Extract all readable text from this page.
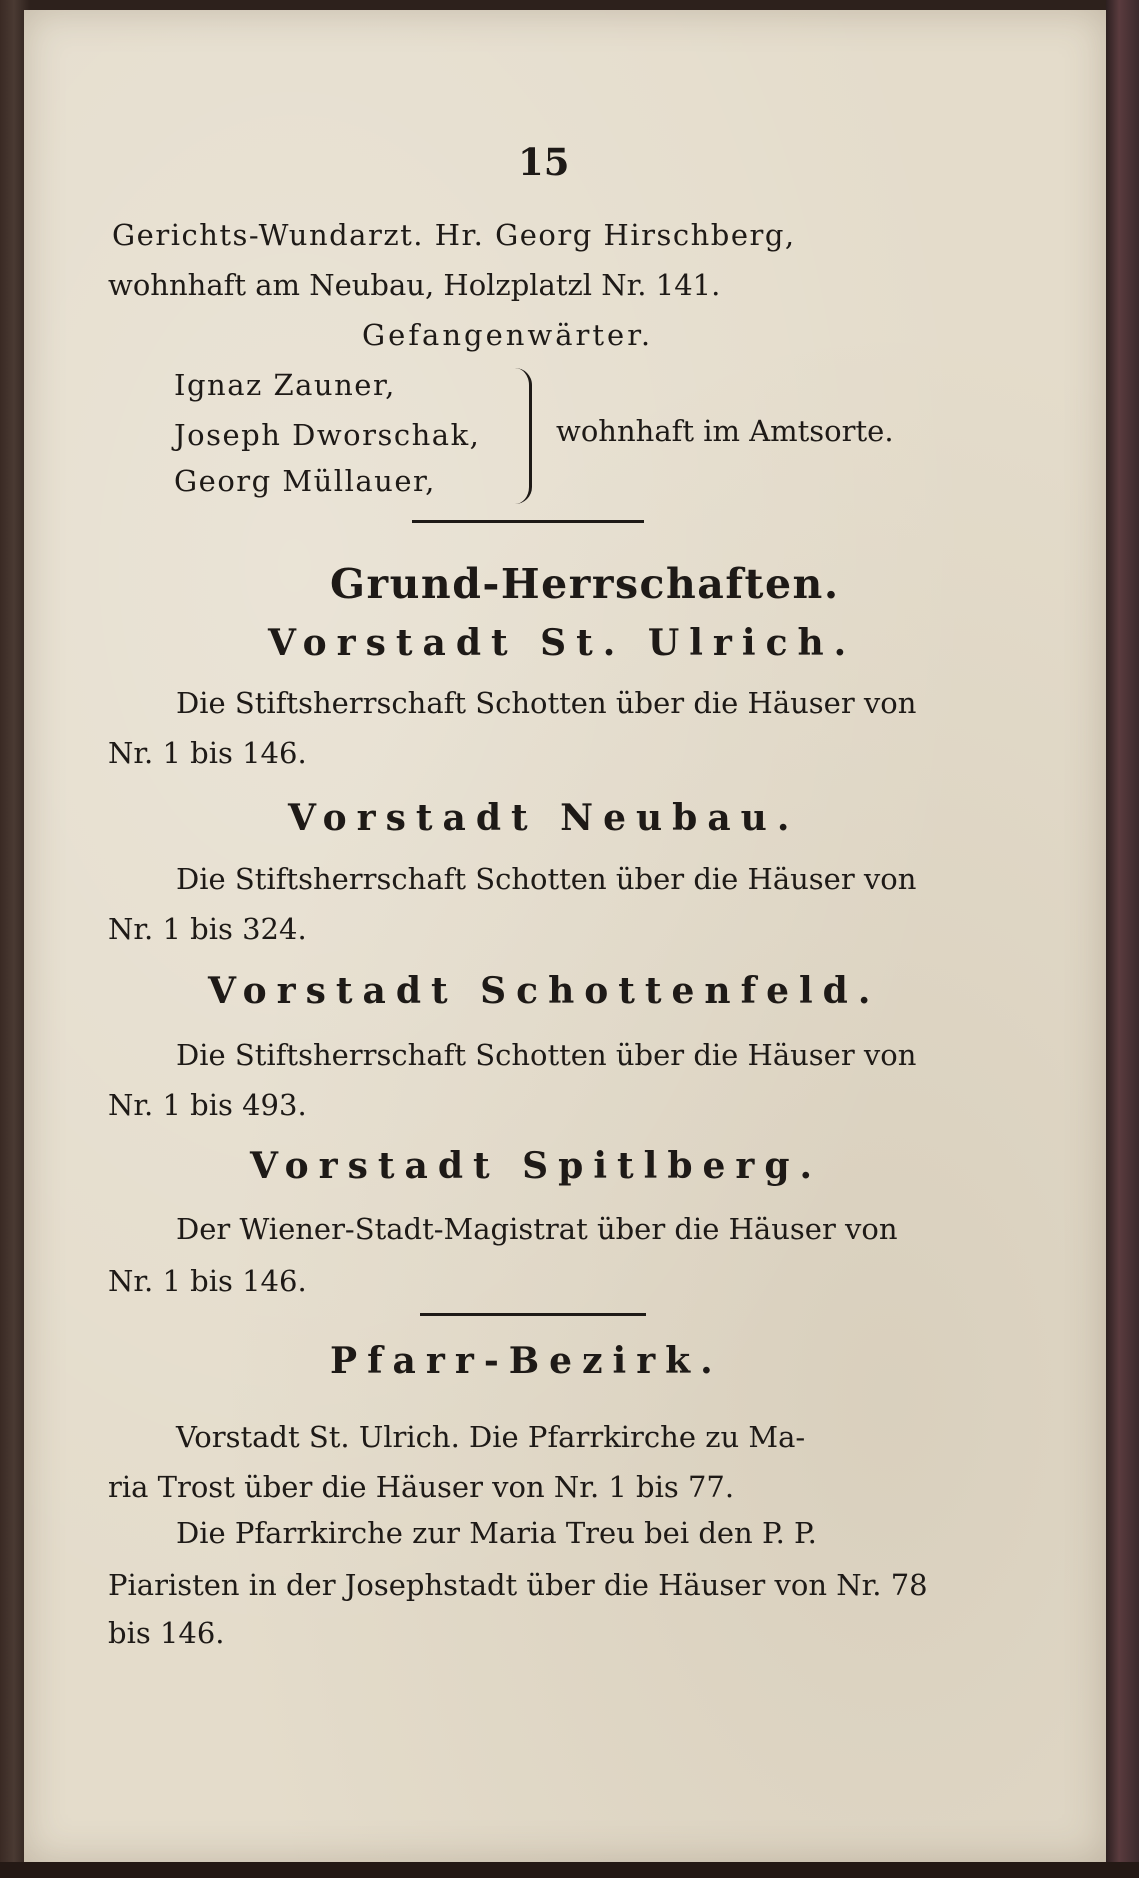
15
Gerichts-Wundarzt. Hr. Georg Hirschberg,
wohnhaft am Neubau, Holzplatzl Nr. 141.
Gefangenwärter.
Ignaz Zauner,
Joseph Dworschak,
Georg Müllauer,
wohnhaft im Amtsorte.
Grund-Herrschaften.
Vorstadt St. Ulrich.
Die Stiftsherrschaft Schotten über die Häuser von
Nr. 1 bis 146.
Vorstadt Neubau.
Die Stiftsherrschaft Schotten über die Häuser von
Nr. 1 bis 324.
Vorstadt Schottenfeld.
Die Stiftsherrschaft Schotten über die Häuser von
Nr. 1 bis 493.
Vorstadt Spitlberg.
Der Wiener-Stadt-Magistrat über die Häuser von
Nr. 1 bis 146.
Pfarr-Bezirk.
Vorstadt St. Ulrich. Die Pfarrkirche zu Ma-
ria Trost über die Häuser von Nr. 1 bis 77.
Die Pfarrkirche zur Maria Treu bei den P. P.
Piaristen in der Josephstadt über die Häuser von Nr. 78
bis 146.
